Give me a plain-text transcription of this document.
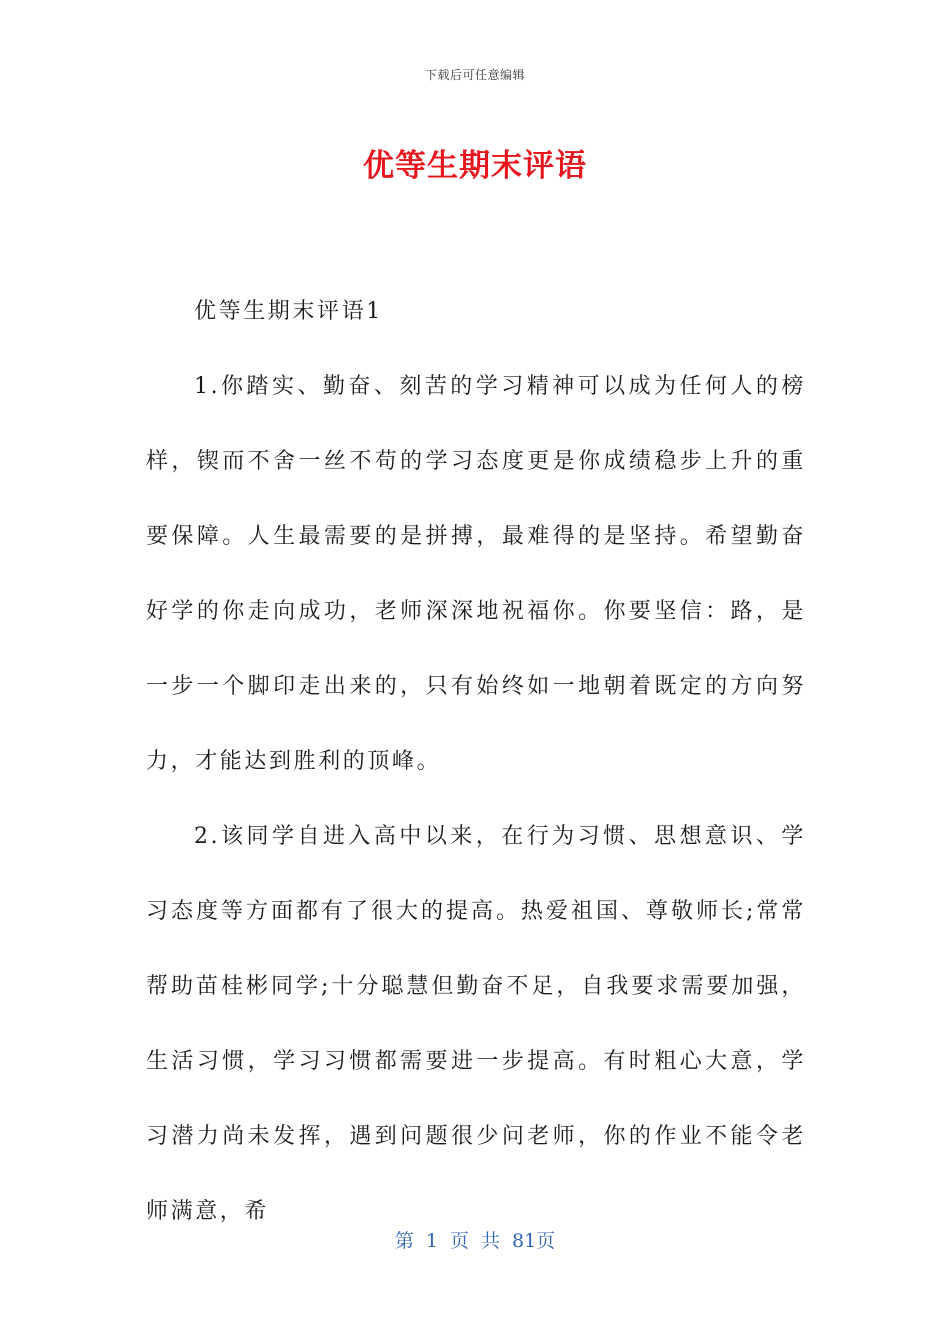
下载后可任意编辑
优等生期末评语

优等生期末评语1

1.你踏实、勤奋、刻苦的学习精神可以成为任何人的榜样，锲而不舍一丝不苟的学习态度更是你成绩稳步上升的重要保障。人生最需要的是拼搏，最难得的是坚持。希望勤奋好学的你走向成功，老师深深地祝福你。你要坚信：路，是一步一个脚印走出来的，只有始终如一地朝着既定的方向努力，才能达到胜利的顶峰。

2.该同学自进入高中以来，在行为习惯、思想意识、学习态度等方面都有了很大的提高。热爱祖国、尊敬师长;常常帮助苗桂彬同学;十分聪慧但勤奋不足，自我要求需要加强，生活习惯，学习习惯都需要进一步提高。有时粗心大意，学习潜力尚未发挥，遇到问题很少问老师，你的作业不能令老师满意，希

第 1 页 共 81页
